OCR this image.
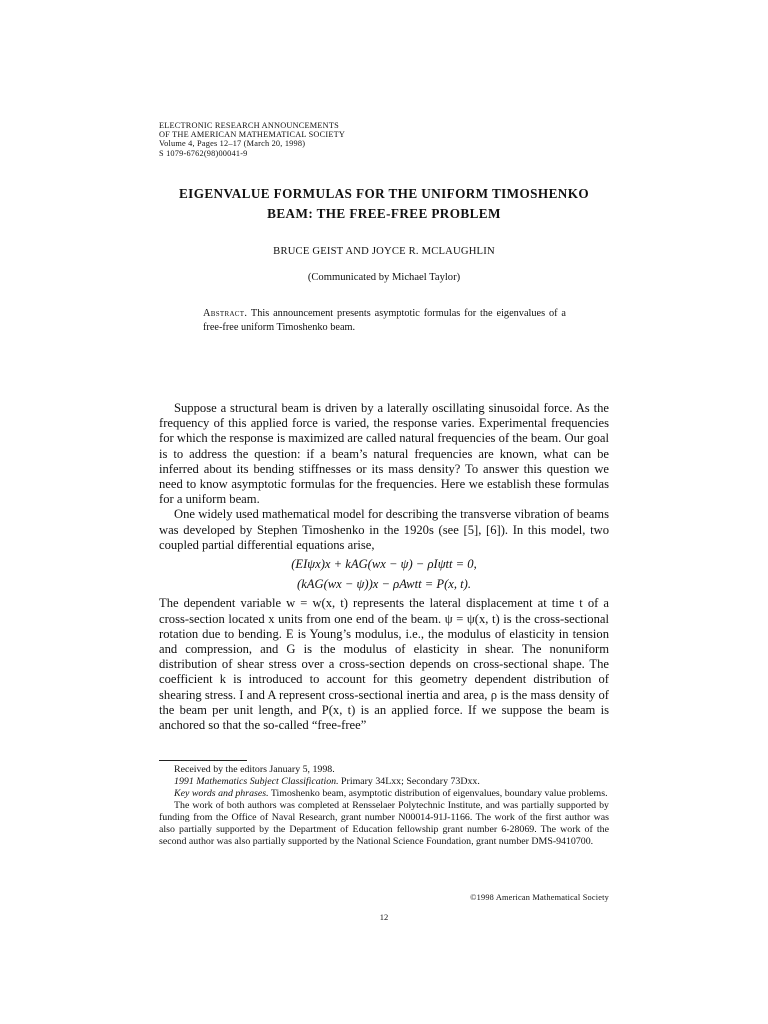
ELECTRONIC RESEARCH ANNOUNCEMENTS
OF THE AMERICAN MATHEMATICAL SOCIETY
Volume 4, Pages 12–17 (March 20, 1998)
S 1079-6762(98)00041-9
EIGENVALUE FORMULAS FOR THE UNIFORM TIMOSHENKO
BEAM: THE FREE-FREE PROBLEM
BRUCE GEIST AND JOYCE R. MCLAUGHLIN
(Communicated by Michael Taylor)
Abstract. This announcement presents asymptotic formulas for the eigenvalues of a free-free uniform Timoshenko beam.

Suppose a structural beam is driven by a laterally oscillating sinusoidal force. As the frequency of this applied force is varied, the response varies. Experimental frequencies for which the response is maximized are called natural frequencies of the beam. Our goal is to address the question: if a beam’s natural frequencies are known, what can be inferred about its bending stiffnesses or its mass density? To answer this question we need to know asymptotic formulas for the frequencies. Here we establish these formulas for a uniform beam.

One widely used mathematical model for describing the transverse vibration of beams was developed by Stephen Timoshenko in the 1920s (see [5], [6]). In this model, two coupled partial differential equations arise,

(EIψx)x + kAG(wx − ψ) − ρIψtt = 0,
(kAG(wx − ψ))x − ρAwtt = P(x, t).

The dependent variable w = w(x, t) represents the lateral displacement at time t of a cross-section located x units from one end of the beam. ψ = ψ(x, t) is the cross-sectional rotation due to bending. E is Young’s modulus, i.e., the modulus of elasticity in tension and compression, and G is the modulus of elasticity in shear. The nonuniform distribution of shear stress over a cross-section depends on cross-sectional shape. The coefficient k is introduced to account for this geometry dependent distribution of shearing stress. I and A represent cross-sectional inertia and area, ρ is the mass density of the beam per unit length, and P(x, t) is an applied force. If we suppose the beam is anchored so that the so-called “free-free”

Received by the editors January 5, 1998.

1991 Mathematics Subject Classification. Primary 34Lxx; Secondary 73Dxx.

Key words and phrases. Timoshenko beam, asymptotic distribution of eigenvalues, boundary value problems.

The work of both authors was completed at Rensselaer Polytechnic Institute, and was partially supported by funding from the Office of Naval Research, grant number N00014-91J-1166. The work of the first author was also partially supported by the Department of Education fellowship grant number 6-28069. The work of the second author was also partially supported by the National Science Foundation, grant number DMS-9410700.

©1998 American Mathematical Society
12
